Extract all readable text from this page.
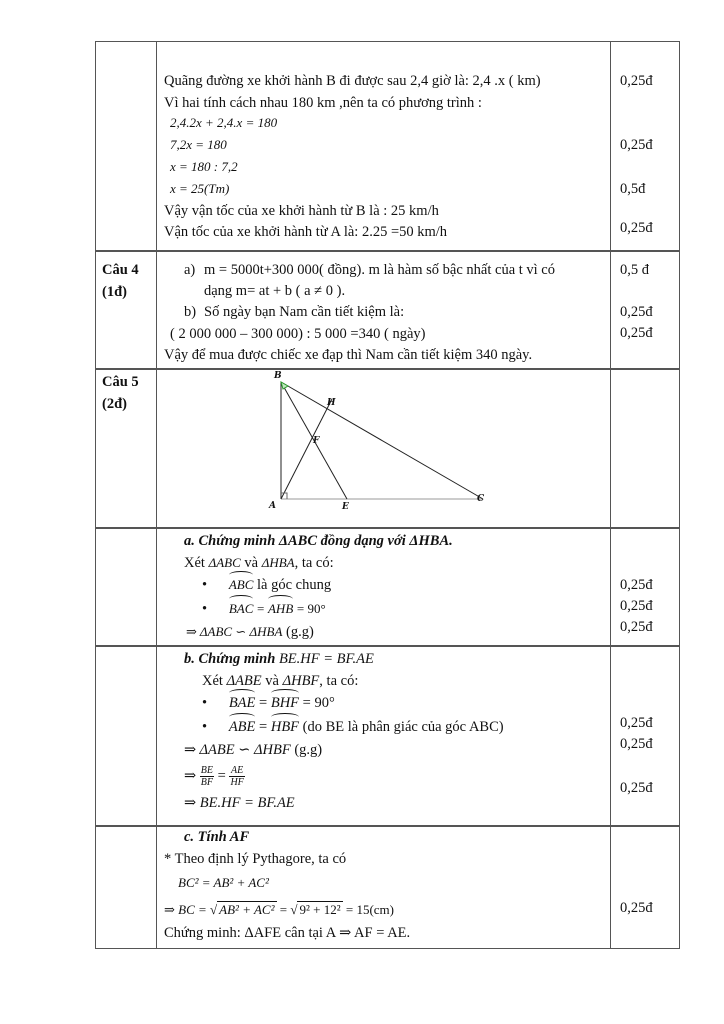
Quãng đường xe khởi hành B đi được sau 2,4 giờ là: 2,4 .x ( km)
Vì hai tính cách nhau 180 km ,nên ta có phương trình :
2,4.2x + 2,4.x = 180
7,2x = 180
x = 180 : 7,2
x = 25(Tm)
Vậy vận tốc của xe khởi hành từ B là : 25 km/h
Vận tốc của xe khởi hành từ A là: 2.25 =50 km/h
0,25đ
0,25đ
0,5đ
0,25đ
Câu 4
(1đ)
a) m = 5000t+300 000( đồng). m là hàm số bậc nhất của t vì có
dạng m= at + b ( a ≠ 0 ).
b) Số ngày bạn Nam cần tiết kiệm là:
( 2 000 000 – 300 000) : 5 000 =340 ( ngày)
Vậy để mua được chiếc xe đạp thì Nam cần tiết kiệm 340 ngày.
0,5 đ
0,25đ
0,25đ
Câu 5
(2đ)
B
H
F
A	E
C
a. Chứng minh ΔABC đồng dạng với ΔHBA.
Xét ΔABC và ΔHBA, ta có:
•      ABC là góc chung
•      BAC = AHB = 90°
⇒ ΔABC ∽ ΔHBA (g.g)
0,25đ
0,25đ
0,25đ
b. Chứng minh BE.HF = BF.AE
Xét ΔABE và ΔHBF, ta có:
•      BAE = BHF = 90°
•      ABE = HBF (do BE là phân giác của góc ABC)
⇒ ΔABE ∽ ΔHBF (g.g)
⇒ $\frac{BE}{BF} = \frac{AE}{HF}$
⇒ BE.HF = BF.AE
0,25đ
0,25đ
0,25đ
c. Tính AF
* Theo định lý Pythagore, ta có
BC² = AB² + AC²
⇒ BC = √ AB² + AC² = √ 9² + 12² = 15(cm)
Chứng minh: ΔAFE cân tại A ⇒ AF = AE.
0,25đ
